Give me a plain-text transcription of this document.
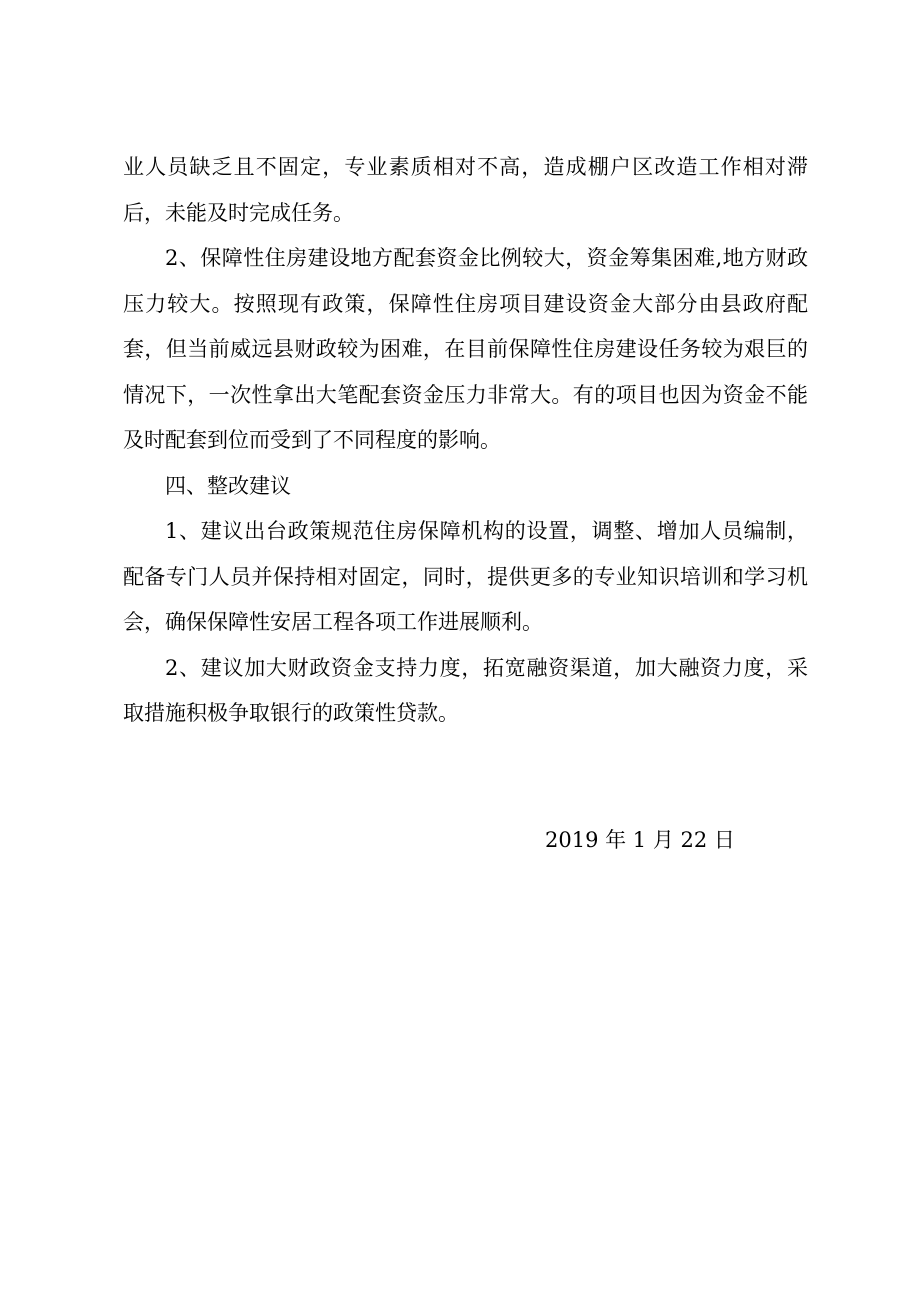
业人员缺乏且不固定，专业素质相对不高，造成棚户区改造工作相对滞后，未能及时完成任务。

2、保障性住房建设地方配套资金比例较大，资金筹集困难,地方财政压力较大。按照现有政策，保障性住房项目建设资金大部分由县政府配套，但当前威远县财政较为困难，在目前保障性住房建设任务较为艰巨的情况下，一次性拿出大笔配套资金压力非常大。有的项目也因为资金不能及时配套到位而受到了不同程度的影响。

四、整改建议

1、建议出台政策规范住房保障机构的设置，调整、增加人员编制，配备专门人员并保持相对固定，同时，提供更多的专业知识培训和学习机会，确保保障性安居工程各项工作进展顺利。

2、建议加大财政资金支持力度，拓宽融资渠道，加大融资力度，采取措施积极争取银行的政策性贷款。

2019 年 1 月 22 日
